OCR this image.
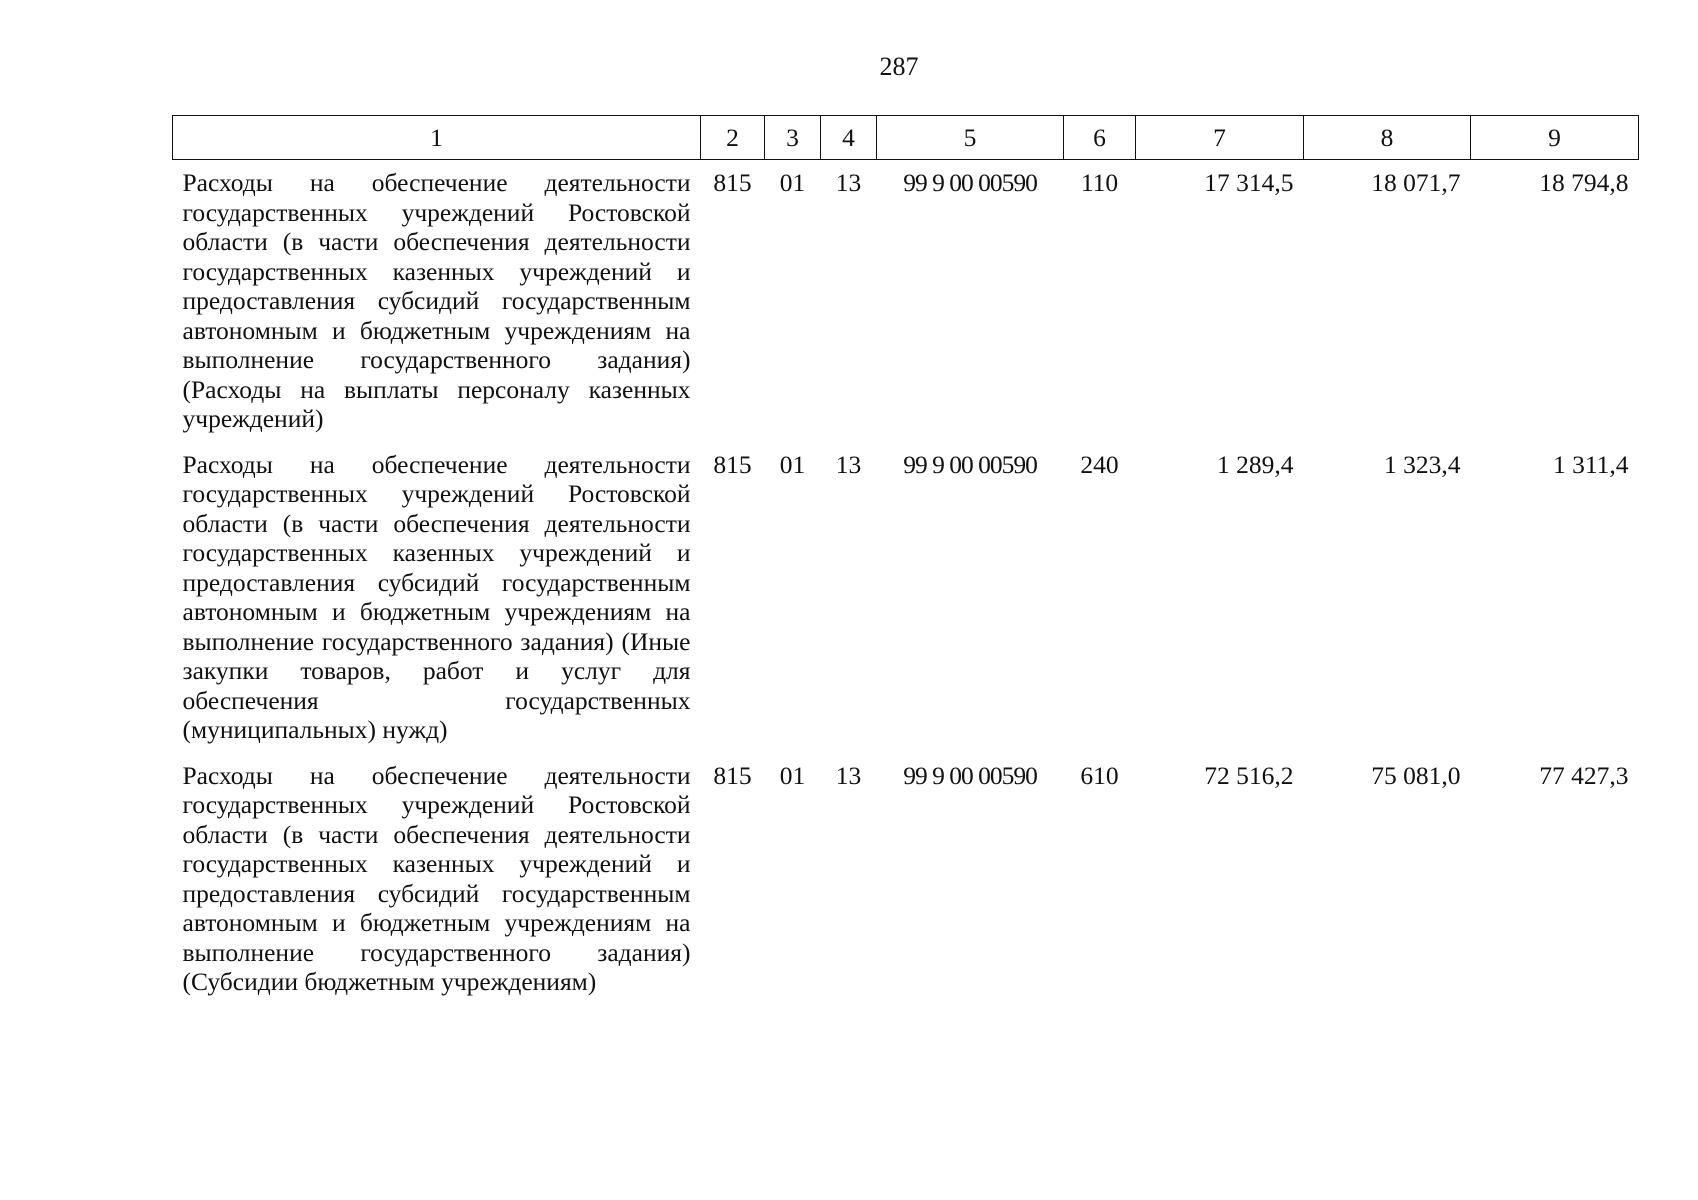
287
1	2	3	4	5	6	7	8	9
Расходы на обеспечение деятельности государственных учреждений Ростовской области (в части обеспечения деятельности государственных казенных учреждений и предоставления субсидий государственным автономным и бюджетным учреждениям на выполнение государственного задания) (Расходы на выплаты персоналу казенных учреждений)	815	01	13	99 9 00 00590	110	17 314,5	18 071,7	18 794,8
Расходы на обеспечение деятельности государственных учреждений Ростовской области (в части обеспечения деятельности государственных казенных учреждений и предоставления субсидий государственным автономным и бюджетным учреждениям на выполнение государственного задания) (Иные закупки товаров, работ и услуг для обеспечения государственных (муниципальных) нужд)	815	01	13	99 9 00 00590	240	1 289,4	1 323,4	1 311,4
Расходы на обеспечение деятельности государственных учреждений Ростовской области (в части обеспечения деятельности государственных казенных учреждений и предоставления субсидий государственным автономным и бюджетным учреждениям на выполнение государственного задания) (Субсидии бюджетным учреждениям)	815	01	13	99 9 00 00590	610	72 516,2	75 081,0	77 427,3
